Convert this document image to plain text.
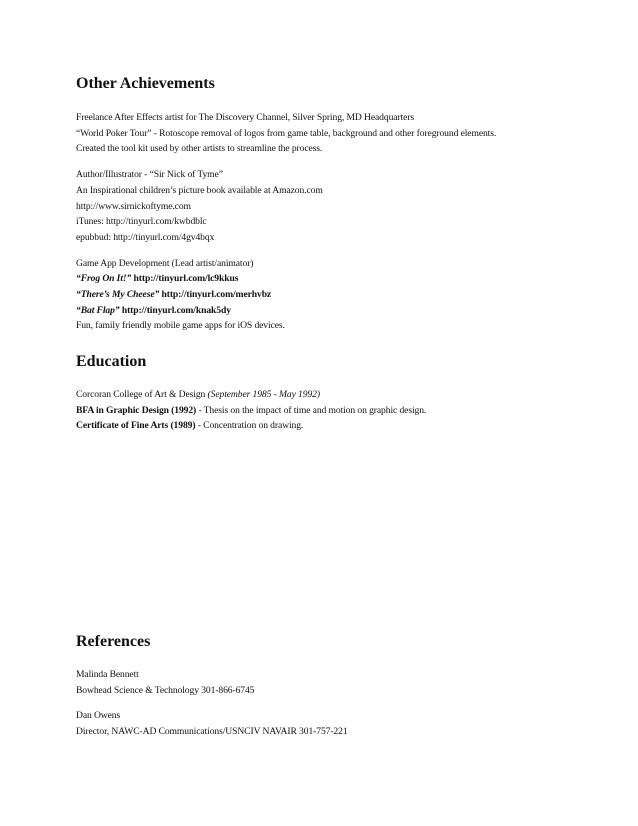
Other Achievements
Freelance After Effects artist for The Discovery Channel, Silver Spring, MD Headquarters
“World Poker Tour” - Rotoscope removal of logos from game table, background and other foreground elements.
Created the tool kit used by other artists to streamline the process.
Author/Illustrator - “Sir Nick of Tyme”
An Inspirational children’s picture book available at Amazon.com
http://www.sirnickoftyme.com
iTunes: http://tinyurl.com/kwbdblc
epubbud: http://tinyurl.com/4gv4bqx
Game App Development (Lead artist/animator)
“Frog On It!” http://tinyurl.com/lc9kkus
“There’s My Cheese” http://tinyurl.com/merhvbz
“Bat Flap” http://tinyurl.com/knak5dy
Fun, family friendly mobile game apps for iOS devices.
Education
Corcoran College of Art & Design (September 1985 - May 1992)
BFA in Graphic Design (1992) - Thesis on the impact of time and motion on graphic design.
Certificate of Fine Arts (1989) - Concentration on drawing.
References
Malinda Bennett
Bowhead Science & Technology 301-866-6745
Dan Owens
Director, NAWC-AD Communications/USNCIV NAVAIR 301-757-221
